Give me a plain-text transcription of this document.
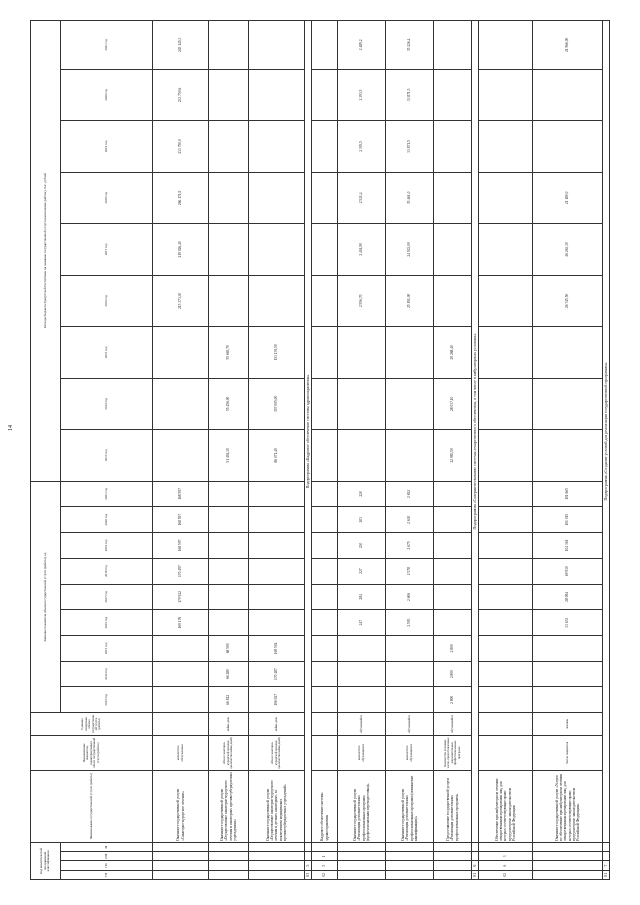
14
Код аналитической программной классификации				Наименование государственной услуги (работы)	Наименование показателя, характеризующего объем государственной услуги (работы)	Единица измерения объема государственной услуги (работы)	Значение показателя объема государственной услуги (работы), ед.									Расходы бюджета Удмуртской Республики на оказание государственной услуги (выполнение работы), тыс. рублей								
ГП	Пп	ОМ	М				2013 год	2014 год	2015 год	2016 год	2017 год	2018 год	2019 год	2020 год	2021 год	2013 год	2014 год	2015 год	2016 год	2017 год	2018 год	2019 год	2020 год	2021 год

				Оказание государственной услуги «Санаторно-курортное лечение»	количество обслуженных					169 176	170 922	170 497	168 597	168 597	168 597				215 373,30	219 026,40	266 171,9	233 750,0	233 750,6	245 145,3
				Оказание государственной услуги «Осуществление санаторно-курортного лечения в санаториях противотуберкулезных учреждениях»	объем санаторно-курортной помощи (количество койко-дней)	койко-день	66 812	66 280	68 500							51 494,30	55 456,00	55 665,70						
				Оказание государственной услуги «Осуществление санаторно-курортного лечения в детских санаториях, за исключением медицинских противотуберкулезных учреждений»	объем санаторно-курортной помощи (количество койко-дней)	койко-день	106 927	170 487	169 504							86 071,40	157 005,00	153 139,50						
01	5			Подпрограмма «Кадровое обеспечение системы здравоохранения»																				
02	5	1		Кадровое обеспечение системы здравоохранения																				
				Оказание государственной услуги «Реализация дополнительных профессиональных программ (профессиональная переподготовка)»	количество обучающихся	обучающийся				247	284	227	230	203	220				2 556,70	2 404,90	2 521,4	2 393,5	2 393,5	2 489,2
				Оказание государственной услуги «Реализация дополнительных профессиональных программ (повышение квалификации)»	количество обучающихся	обучающийся				2 593	2 606	2 578	2 675	2 630	2 652				25 191,00	24 923,00	35 461,0	33 871,5	33 871,5	35 226,4
				Предоставление государственной услуги «Реализация дополнительных профессиональных программ»	Количество человеко-часов, предоставленных дополнительных профессиональных программ	обучающийся	2 800	2 800	2 800							22 983,50	28 037,10	29 268,40						
01	6			Подпрограмма «Совершенствование системы лекарственного обеспечения, в том числе в амбулаторных условиях»																				
02	6	3		Обеспечение при амбулаторном лечении лекарственными препаратами лиц, для которых соответствующие право предусмотрено законодательством Российской Федерации																				
				Оказание государственной услуги «Услуги по обеспечению при амбулаторном лечении лекарственными препаратами лиц, для которых соответствующие право предусмотрено законодательством Российской Федерации»	Число пациентов	человек				33 633	28 084	69 930	102 361	101 015	101 665				26 745,50	26 263,30	21 180,0			21 966,00
01	7			Подпрограмма «Создание условий для реализации государственной программы»																				
